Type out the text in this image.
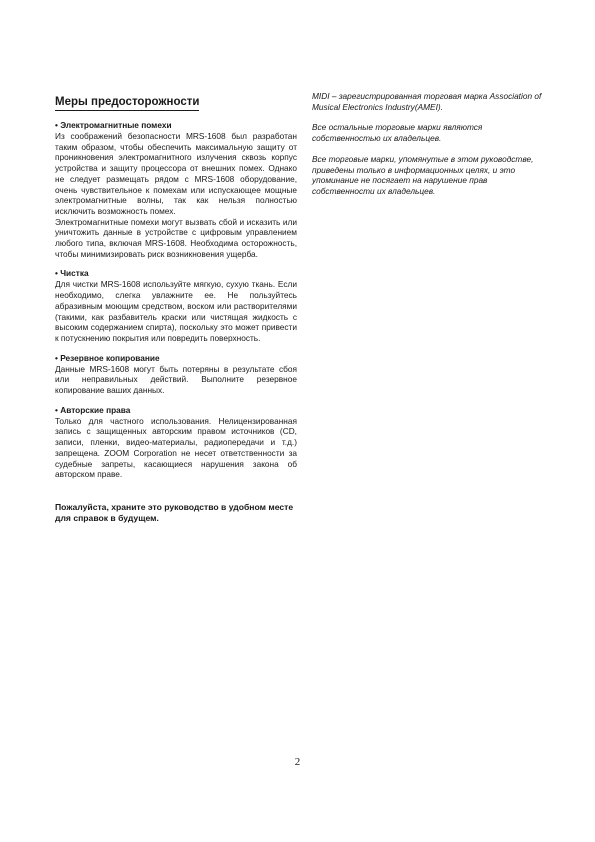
Меры предосторожности
• Электромагнитные помехи

Из соображений безопасности MRS-1608 был разработан таким образом, чтобы обеспечить максимальную защиту от проникновения электромагнитного излучения сквозь корпус устройства и защиту процессора от внешних помех. Однако не следует размещать рядом с MRS-1608 оборудование, очень чувствительное к помехам или испускающее мощные электромагнитные волны, так как нельзя полностью исключить возможность помех.

Электромагнитные помехи могут вызвать сбой и исказить или уничтожить данные в устройстве с цифровым управлением любого типа, включая MRS-1608. Необходима осторожность, чтобы минимизировать риск возникновения ущерба.

• Чистка

Для чистки MRS-1608 используйте мягкую, сухую ткань. Если необходимо, слегка увлажните ее. Не пользуйтесь абразивным моющим средством, воском или растворителями (такими, как разбавитель краски или чистящая жидкость с высоким содержанием спирта), поскольку это может привести к потускнению покрытия или повредить поверхность.

• Резервное копирование

Данные MRS-1608 могут быть потеряны в результате сбоя или неправильных действий. Выполните резервное копирование ваших данных.

• Авторские права

Только для частного использования. Нелицензированная запись с защищенных авторским правом источников (CD, записи, пленки, видео-материалы, радиопередачи и т.д.) запрещена. ZOOM Corporation не несет ответственности за судебные запреты, касающиеся нарушения закона об авторском праве.

Пожалуйста, храните это руководство в удобном месте для справок в будущем.

MIDI – зарегистрированная торговая марка Association of Musical Electronics Industry(AMEI).

Все остальные торговые марки являются собственностью их владельцев.

Все торговые марки, упомянутые в этом руководстве, приведены только в информационных целях, и это упоминание не посягает на нарушение прав собственности их владельцев.

2
